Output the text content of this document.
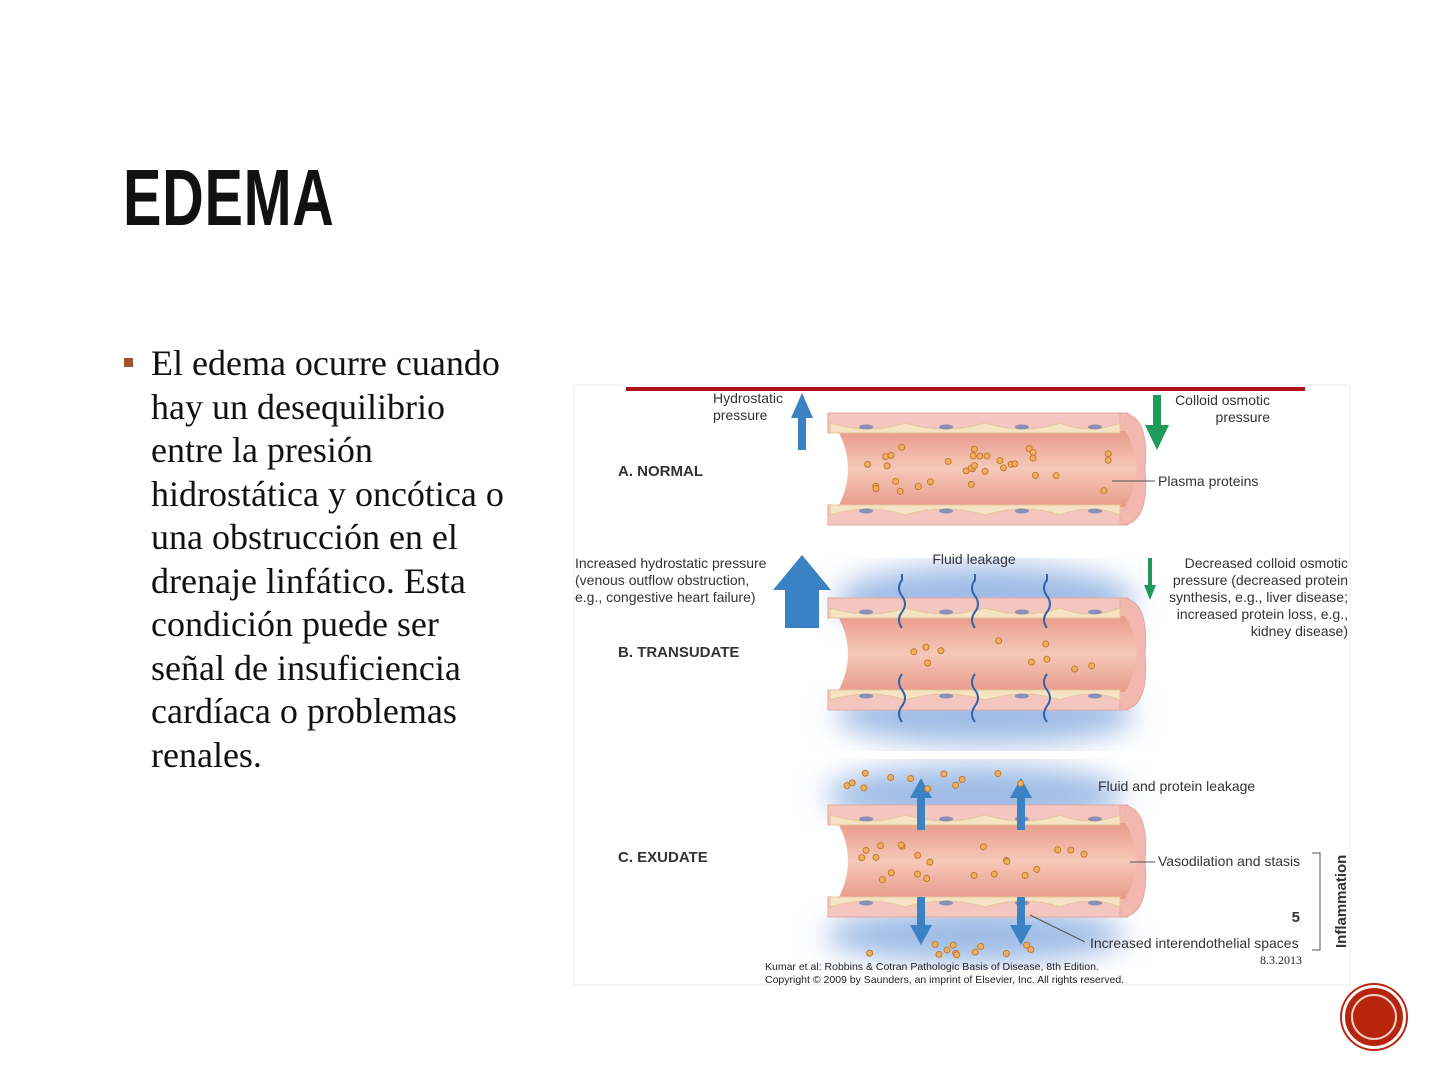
EDEMA
El edema ocurre cuando hay un desequilibrio entre la presión hidrostática y oncótica o una obstrucción en el drenaje linfático. Esta condición puede ser señal de insuficiencia cardíaca o problemas renales.
Hydrostatic
pressure
Colloid osmotic
pressure
A. NORMAL
Plasma proteins
Fluid leakage
Increased hydrostatic pressure
(venous outflow obstruction,
e.g., congestive heart failure)
Decreased colloid osmotic
pressure (decreased protein
synthesis, e.g., liver disease;
increased protein loss, e.g.,
kidney disease)
B. TRANSUDATE
Fluid and protein leakage
C. EXUDATE	Vasodilation and stasis
Increased interendothelial spaces Inflammation
5
8.3.2013
Kumar et al: Robbins & Cotran Pathologic Basis of Disease, 8th Edition.
Copyright © 2009 by Saunders, an imprint of Elsevier, Inc. All rights reserved.
